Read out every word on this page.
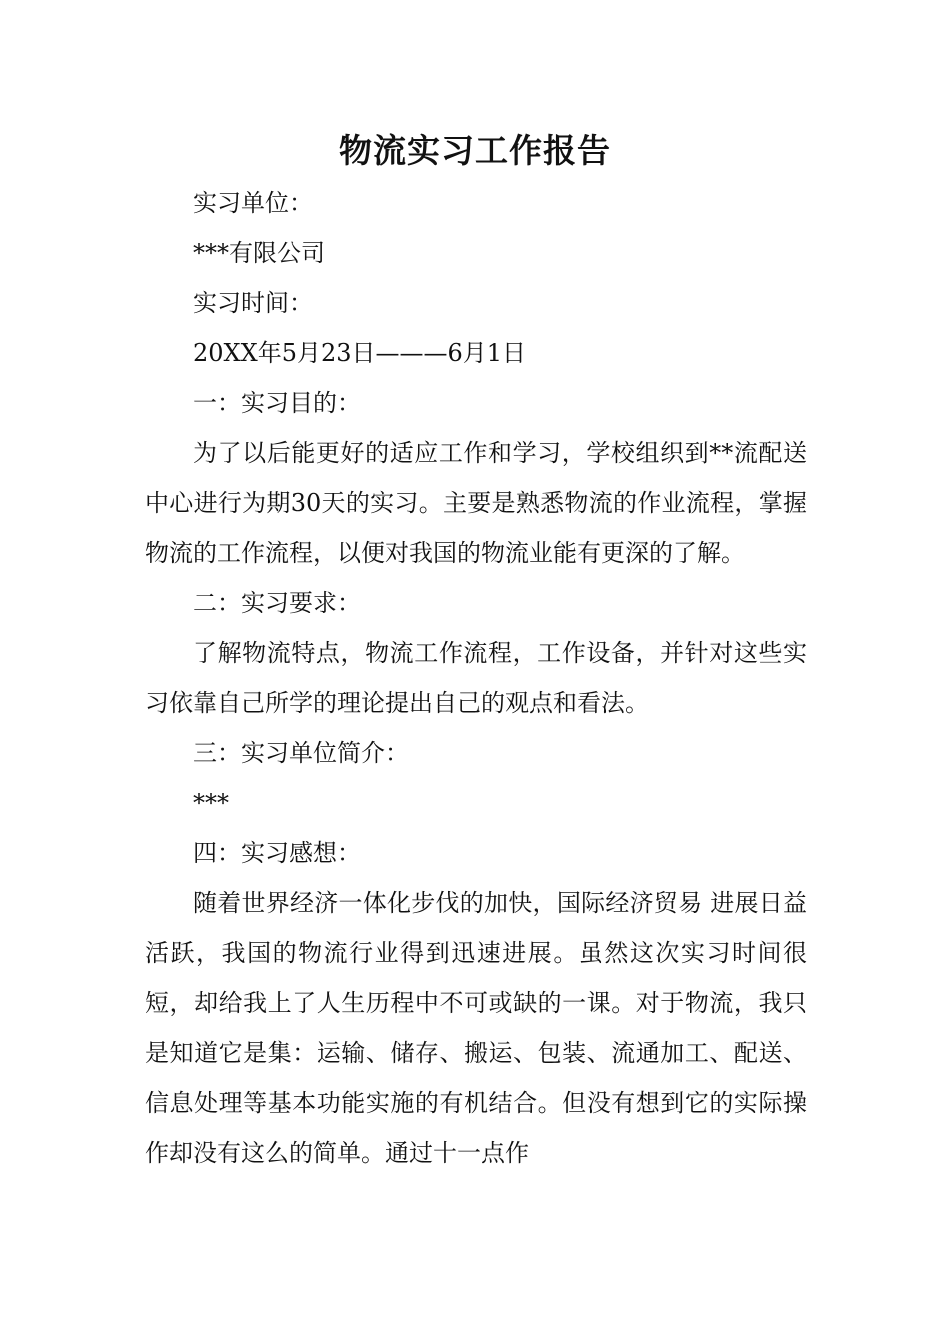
物流实习工作报告

实习单位：

***有限公司

实习时间：

20XX年5月23日———6月1日

一：实习目的：

为了以后能更好的适应工作和学习，学校组织到**流配送中心进行为期30天的实习。主要是熟悉物流的作业流程，掌握物流的工作流程，以便对我国的物流业能有更深的了解。

二：实习要求：

了解物流特点，物流工作流程，工作设备，并针对这些实习依靠自己所学的理论提出自己的观点和看法。

三：实习单位简介：

***

四：实习感想：

随着世界经济一体化步伐的加快，国际经济贸易 进展日益活跃，我国的物流行业得到迅速进展。虽然这次实习时间很短，却给我上了人生历程中不可或缺的一课。对于物流，我只是知道它是集：运输、储存、搬运、包装、流通加工、配送、信息处理等基本功能实施的有机结合。但没有想到它的实际操作却没有这么的简单。通过十一点作
